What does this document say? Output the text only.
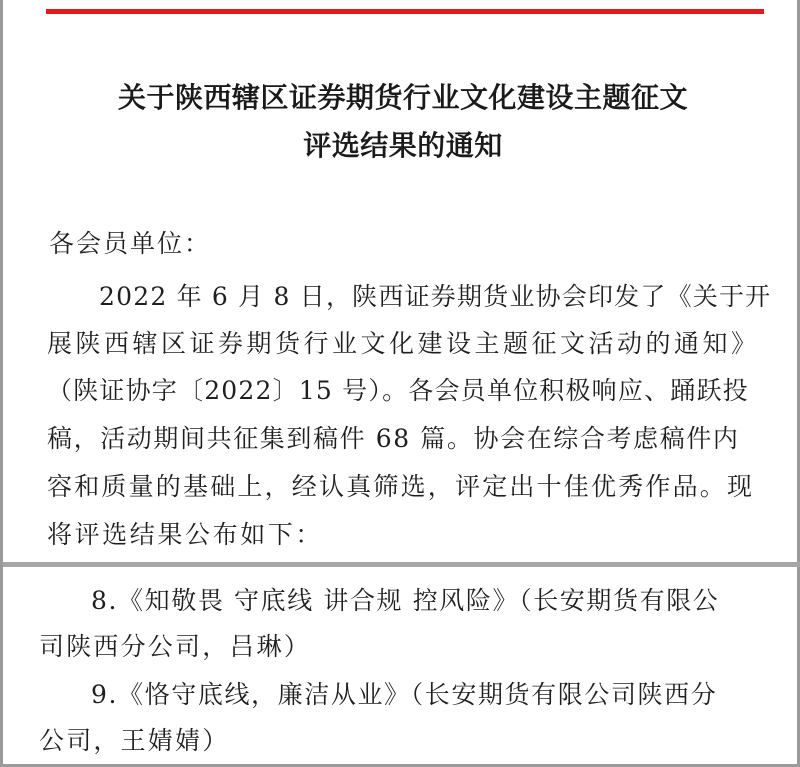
关于陕西辖区证券期货行业文化建设主题征文
评选结果的通知
各会员单位：
2022 年 6 月 8 日，陕西证券期货业协会印发了《关于开
展陕西辖区证券期货行业文化建设主题征文活动的通知》
（陕证协字〔2022〕15 号）。各会员单位积极响应、踊跃投
稿，活动期间共征集到稿件 68 篇。协会在综合考虑稿件内
容和质量的基础上，经认真筛选，评定出十佳优秀作品。现
将评选结果公布如下：
8.《知敬畏 守底线 讲合规 控风险》（长安期货有限公
司陕西分公司，吕琳）
9.《恪守底线，廉洁从业》（长安期货有限公司陕西分
公司，王婧婧）
